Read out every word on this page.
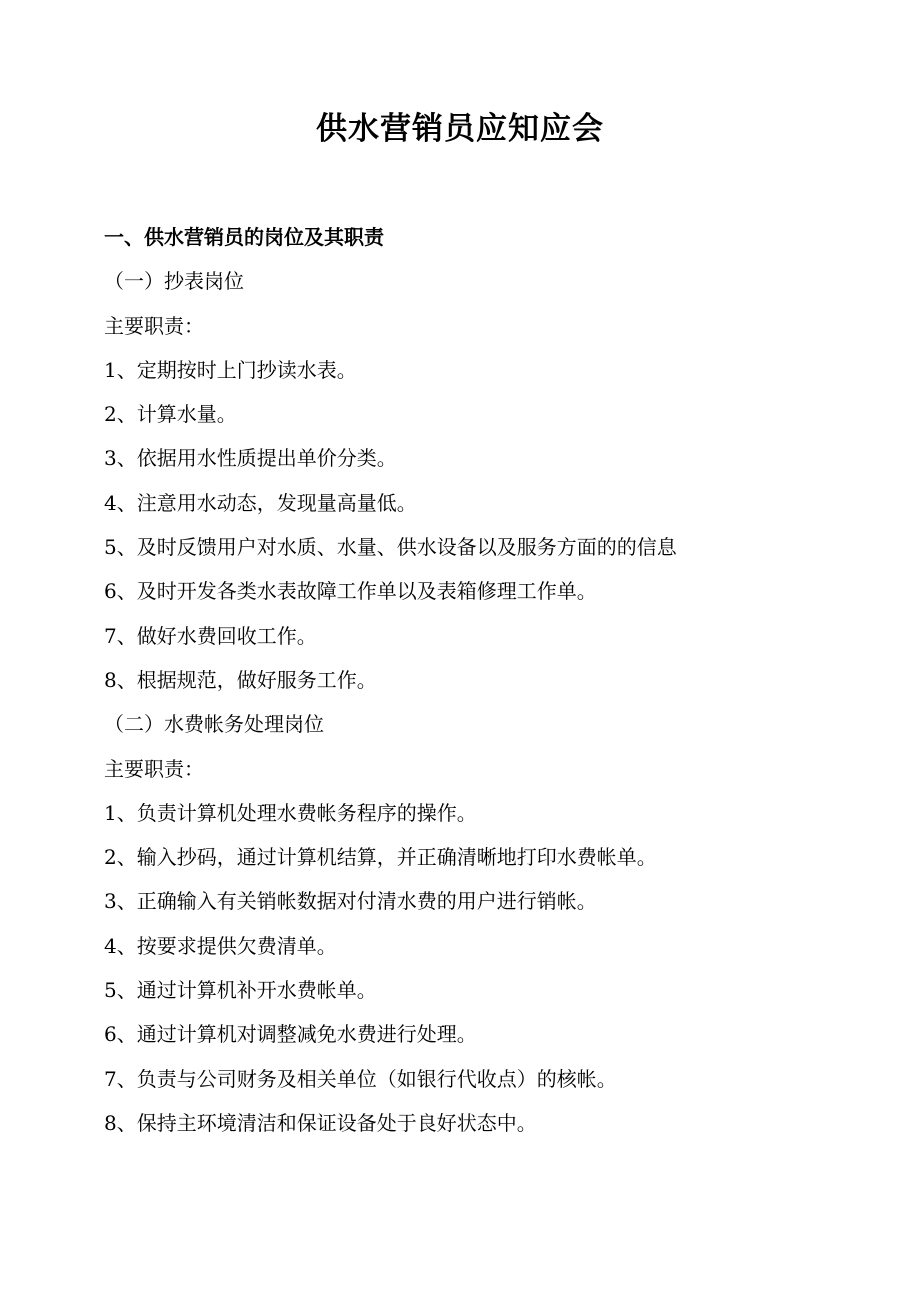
供水营销员应知应会
一、供水营销员的岗位及其职责
（一）抄表岗位
主要职责：
1、定期按时上门抄读水表。
2、计算水量。
3、依据用水性质提出单价分类。
4、注意用水动态，发现量高量低。
5、及时反馈用户对水质、水量、供水设备以及服务方面的的信息
6、及时开发各类水表故障工作单以及表箱修理工作单。
7、做好水费回收工作。
8、根据规范，做好服务工作。
（二）水费帐务处理岗位
主要职责：
1、负责计算机处理水费帐务程序的操作。
2、输入抄码，通过计算机结算，并正确清晰地打印水费帐单。
3、正确输入有关销帐数据对付清水费的用户进行销帐。
4、按要求提供欠费清单。
5、通过计算机补开水费帐单。
6、通过计算机对调整减免水费进行处理。
7、负责与公司财务及相关单位（如银行代收点）的核帐。
8、保持主环境清洁和保证设备处于良好状态中。
